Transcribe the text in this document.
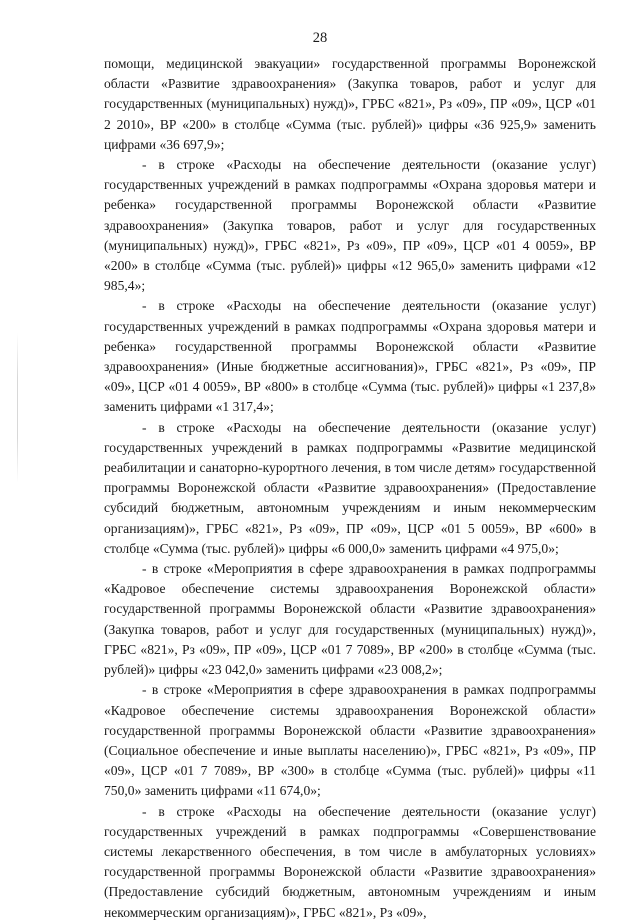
28

помощи, медицинской эвакуации» государственной программы Воронежской области «Развитие здравоохранения» (Закупка товаров, работ и услуг для государственных (муниципальных) нужд)», ГРБС «821», Рз «09», ПР «09», ЦСР «01 2 2010», ВР «200» в столбце «Сумма (тыс. рублей)» цифры «36 925,9» заменить цифрами «36 697,9»;

- в строке «Расходы на обеспечение деятельности (оказание услуг) государственных учреждений в рамках подпрограммы «Охрана здоровья матери и ребенка» государственной программы Воронежской области «Развитие здравоохранения» (Закупка товаров, работ и услуг для государственных (муниципальных) нужд)», ГРБС «821», Рз «09», ПР «09», ЦСР «01 4 0059», ВР «200» в столбце «Сумма (тыс. рублей)» цифры «12 965,0» заменить цифрами «12 985,4»;

- в строке «Расходы на обеспечение деятельности (оказание услуг) государственных учреждений в рамках подпрограммы «Охрана здоровья матери и ребенка» государственной программы Воронежской области «Развитие здравоохранения» (Иные бюджетные ассигнования)», ГРБС «821», Рз «09», ПР «09», ЦСР «01 4 0059», ВР «800» в столбце «Сумма (тыс. рублей)» цифры «1 237,8» заменить цифрами «1 317,4»;

- в строке «Расходы на обеспечение деятельности (оказание услуг) государственных учреждений в рамках подпрограммы «Развитие медицинской реабилитации и санаторно-курортного лечения, в том числе детям» государственной программы Воронежской области «Развитие здравоохранения» (Предоставление субсидий бюджетным, автономным учреждениям и иным некоммерческим организациям)», ГРБС «821», Рз «09», ПР «09», ЦСР «01 5 0059», ВР «600» в столбце «Сумма (тыс. рублей)» цифры «6 000,0» заменить цифрами «4 975,0»;

- в строке «Мероприятия в сфере здравоохранения в рамках подпрограммы «Кадровое обеспечение системы здравоохранения Воронежской области» государственной программы Воронежской области «Развитие здравоохранения» (Закупка товаров, работ и услуг для государственных (муниципальных) нужд)», ГРБС «821», Рз «09», ПР «09», ЦСР «01 7 7089», ВР «200» в столбце «Сумма (тыс. рублей)» цифры «23 042,0» заменить цифрами «23 008,2»;

- в строке «Мероприятия в сфере здравоохранения в рамках подпрограммы «Кадровое обеспечение системы здравоохранения Воронежской области» государственной программы Воронежской области «Развитие здравоохранения» (Социальное обеспечение и иные выплаты населению)», ГРБС «821», Рз «09», ПР «09», ЦСР «01 7 7089», ВР «300» в столбце «Сумма (тыс. рублей)» цифры «11 750,0» заменить цифрами «11 674,0»;

- в строке «Расходы на обеспечение деятельности (оказание услуг) государственных учреждений в рамках подпрограммы «Совершенствование системы лекарственного обеспечения, в том числе в амбулаторных условиях» государственной программы Воронежской области «Развитие здравоохранения» (Предоставление субсидий бюджетным, автономным учреждениям и иным некоммерческим организациям)», ГРБС «821», Рз «09»,
